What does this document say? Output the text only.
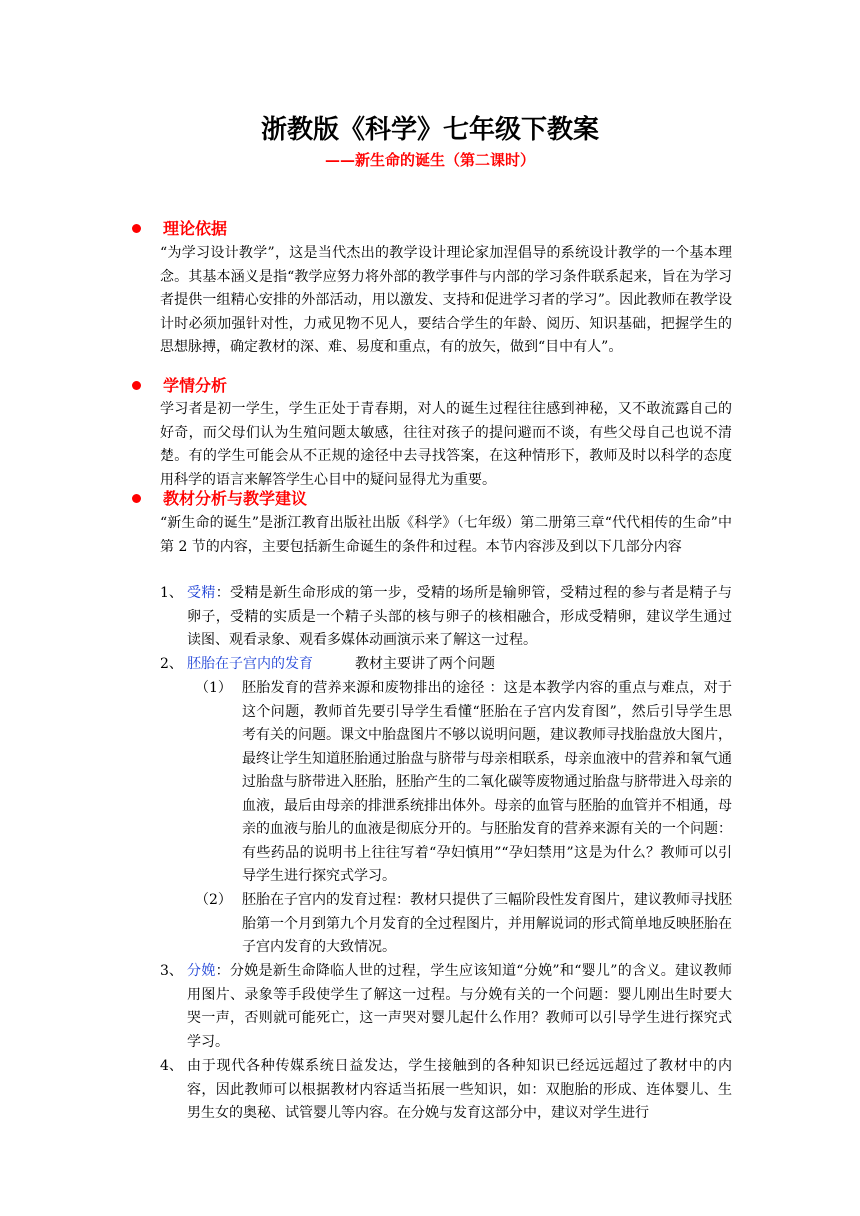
浙教版《科学》七年级下教案
——新生命的诞生（第二课时）
理论依据
“为学习设计教学”，这是当代杰出的教学设计理论家加涅倡导的系统设计教学的一个基本理念。其基本涵义是指“教学应努力将外部的教学事件与内部的学习条件联系起来，旨在为学习者提供一组精心安排的外部活动，用以激发、支持和促进学习者的学习”。因此教师在教学设计时必须加强针对性，力戒见物不见人，要结合学生的年龄、阅历、知识基础，把握学生的思想脉搏，确定教材的深、难、易度和重点，有的放矢，做到“目中有人”。
学情分析
学习者是初一学生，学生正处于青春期，对人的诞生过程往往感到神秘，又不敢流露自己的好奇，而父母们认为生殖问题太敏感，往往对孩子的提问避而不谈，有些父母自己也说不清楚。有的学生可能会从不正规的途径中去寻找答案，在这种情形下，教师及时以科学的态度用科学的语言来解答学生心目中的疑问显得尤为重要。
教材分析与教学建议
“新生命的诞生”是浙江教育出版社出版《科学》（七年级）第二册第三章“代代相传的生命”中第 2 节的内容，主要包括新生命诞生的条件和过程。本节内容涉及到以下几部分内容
1、 受精：受精是新生命形成的第一步，受精的场所是输卵管，受精过程的参与者是精子与卵子，受精的实质是一个精子头部的核与卵子的核相融合，形成受精卵，建议学生通过读图、观看录象、观看多媒体动画演示来了解这一过程。
2、 胚胎在子宫内的发育　　　教材主要讲了两个问题
（1） 胚胎发育的营养来源和废物排出的途径 ：这是本教学内容的重点与难点，对于这个问题，教师首先要引导学生看懂“胚胎在子宫内发育图”，然后引导学生思考有关的问题。课文中胎盘图片不够以说明问题，建议教师寻找胎盘放大图片，最终让学生知道胚胎通过胎盘与脐带与母亲相联系，母亲血液中的营养和氧气通过胎盘与脐带进入胚胎，胚胎产生的二氧化碳等废物通过胎盘与脐带进入母亲的血液，最后由母亲的排泄系统排出体外。母亲的血管与胚胎的血管并不相通，母亲的血液与胎儿的血液是彻底分开的。与胚胎发育的营养来源有关的一个问题：有些药品的说明书上往往写着“孕妇慎用”“孕妇禁用”这是为什么？教师可以引导学生进行探究式学习。
（2） 胚胎在子宫内的发育过程：教材只提供了三幅阶段性发育图片，建议教师寻找胚胎第一个月到第九个月发育的全过程图片，并用解说词的形式简单地反映胚胎在子宫内发育的大致情况。
3、 分娩：分娩是新生命降临人世的过程，学生应该知道“分娩”和“婴儿”的含义。建议教师用图片、录象等手段使学生了解这一过程。与分娩有关的一个问题：婴儿刚出生时要大哭一声，否则就可能死亡，这一声哭对婴儿起什么作用？教师可以引导学生进行探究式学习。
4、 由于现代各种传媒系统日益发达，学生接触到的各种知识已经远远超过了教材中的内容，因此教师可以根据教材内容适当拓展一些知识，如：双胞胎的形成、连体婴儿、生男生女的奥秘、试管婴儿等内容。在分娩与发育这部分中，建议对学生进行
